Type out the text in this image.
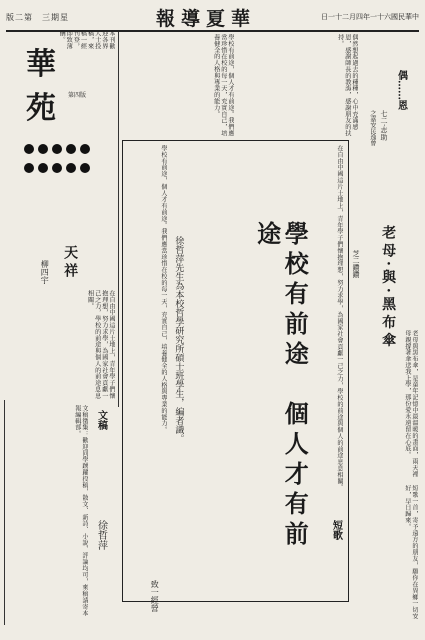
版二第　三期星	報導夏華	日一十二月四年一十六國民華中
華
苑 第四版

天祥
柳四宇
在自由中國這片土地上，青年學子們懷抱理想，努力求學，為國家社會貢獻一己之力，學校的前途與個人的前途息息相關。
本刊歡迎各界人士投稿，來稿一經刊登，即致薄酬。	學校有前途，個人才有前途。我們應當珍惜在校的每一天，充實自己，培養健全的人格與專業的能力。
學校有前途　個人才有前途
徐哲萍先生為本校哲學研究所碩士班學生，編者識。
學校有前途，個人才有前途。我們應當珍惜在校的每一天，充實自己，培養健全的人格與專業的能力。	在自由中國這片土地上，青年學子們懷抱理想，努力求學，為國家社會貢獻一己之力，學校的前途與個人的前途息息相關。
偶……恩
七二·志助
之嘉安民逸曾
偶然想起過去的種種，心中充滿感恩，感謝師長的教誨，感謝朋友的扶持。
老母·與·黑布傘
芝二鑽鑽
老母與黑布傘，是童年記憶中最溫暖的畫面，雨天裡母親撐著傘送我上學，那份愛永遠留在心底。
文稿
徐哲萍
文稿徵集：歡迎同學踴躍投稿，散文、新詩、小說、評論均可，來稿請寄本報編輯部。
致一經營
短歌	短歌一首，寄予遠方的朋友，願你在異鄉一切安好，早日歸來。
